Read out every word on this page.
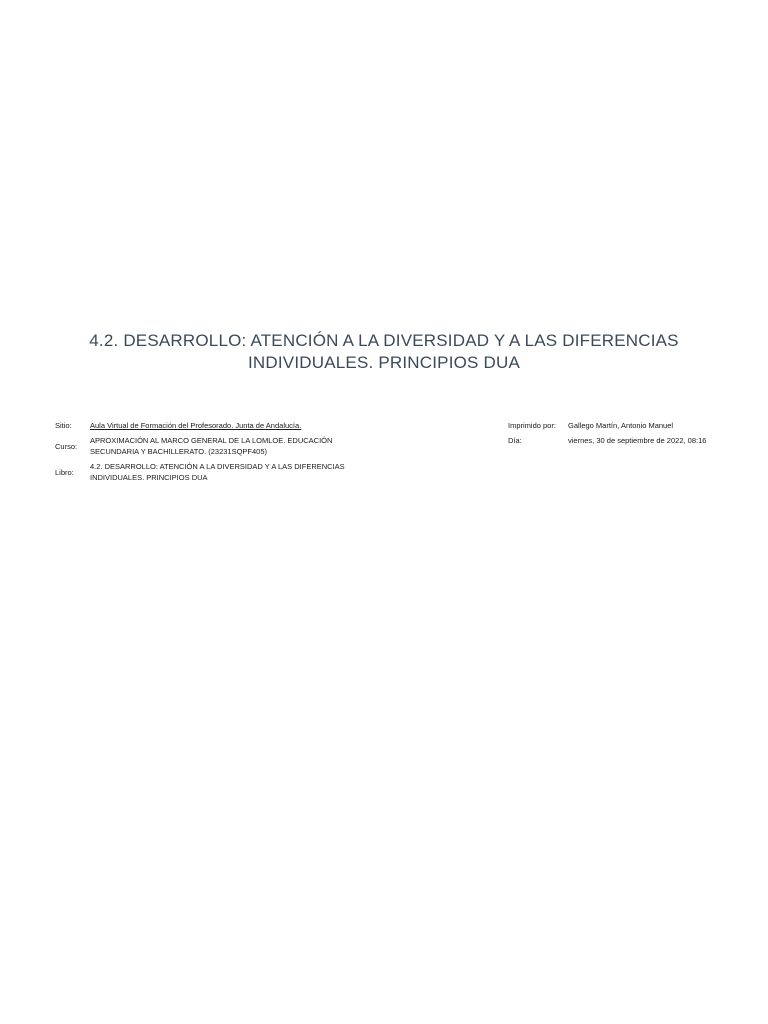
4.2. DESARROLLO: ATENCIÓN A LA DIVERSIDAD Y A LAS DIFERENCIAS INDIVIDUALES. PRINCIPIOS DUA
Sitio:	Aula Virtual de Formación del Profesorado. Junta de Andalucía.
Curso:
APROXIMACIÓN AL MARCO GENERAL DE LA LOMLOE. EDUCACIÓN SECUNDARIA Y BACHILLERATO. (23231SQPF405)
Libro:
4.2. DESARROLLO: ATENCIÓN A LA DIVERSIDAD Y A LAS DIFERENCIAS INDIVIDUALES. PRINCIPIOS DUA
Imprimido por:	Gallego Martín, Antonio Manuel
Día:	viernes, 30 de septiembre de 2022, 08:16
